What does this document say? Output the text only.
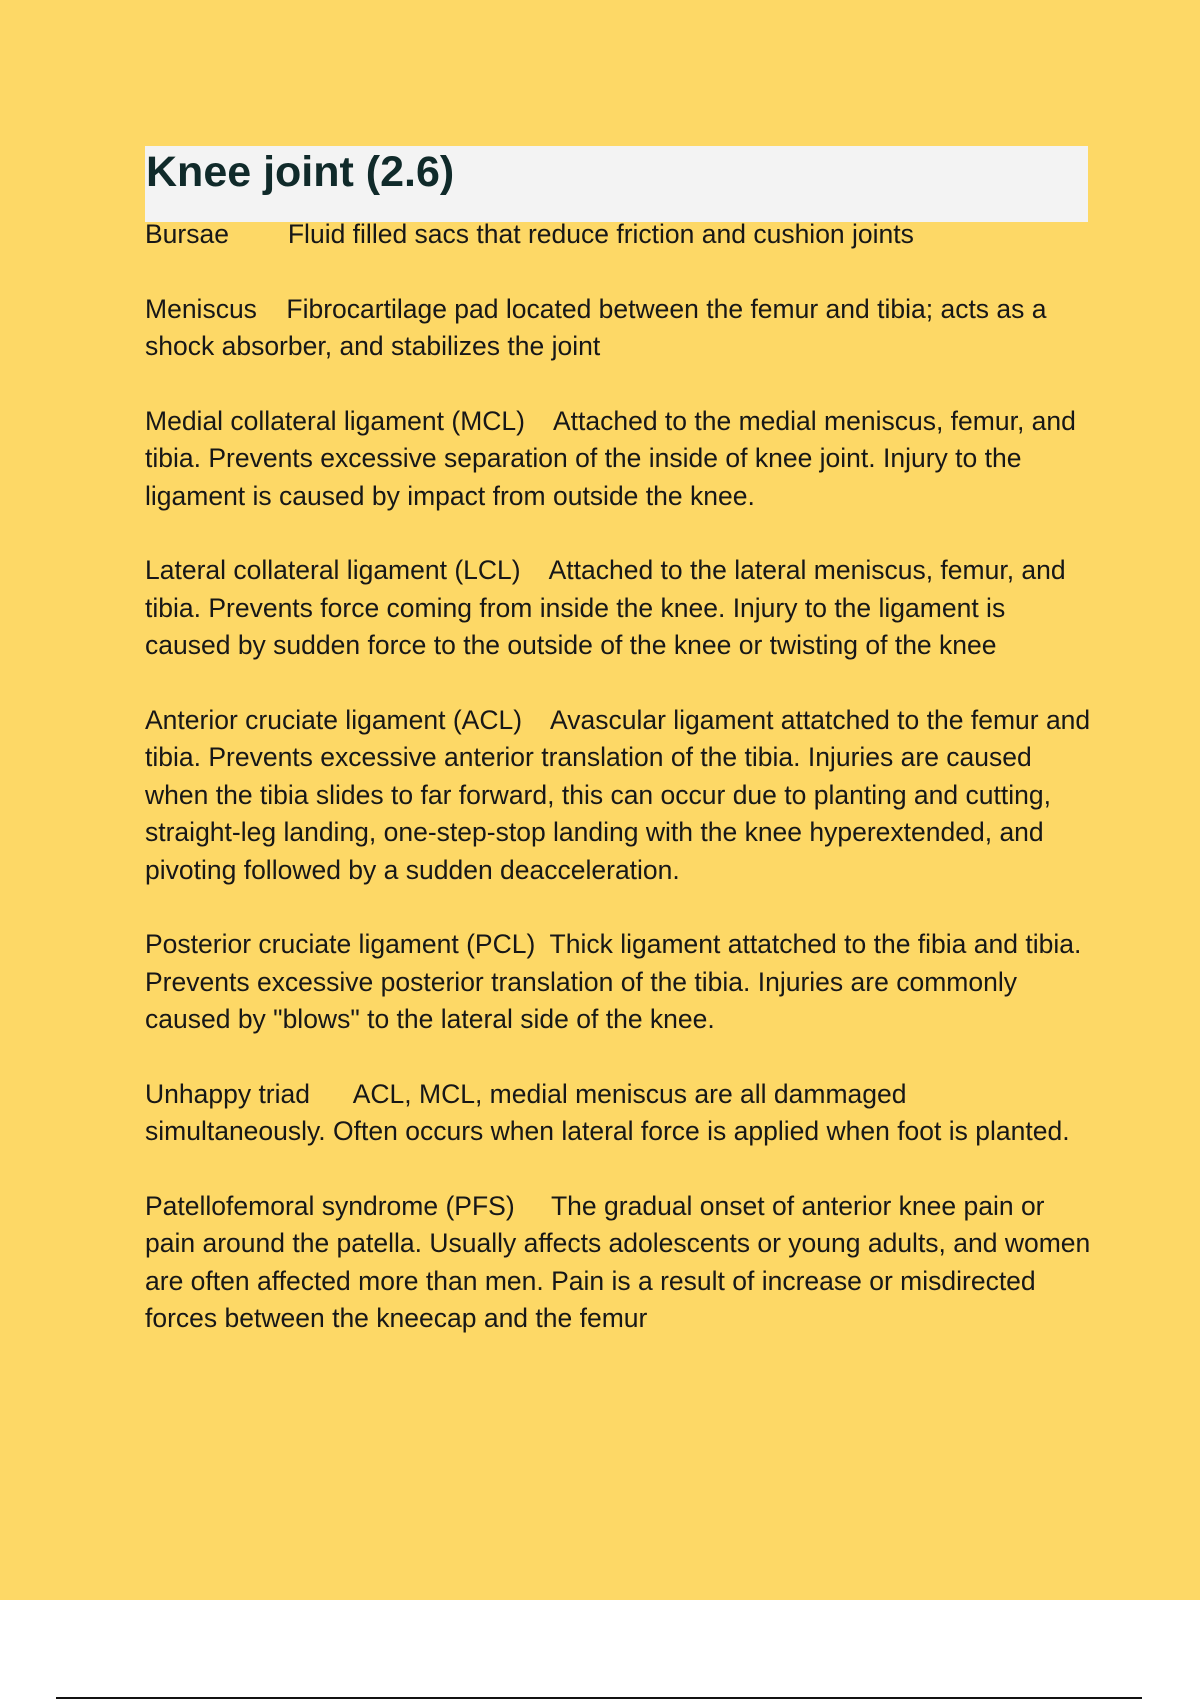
Knee joint (2.6)

Bursae Fluid filled sacs that reduce friction and cushion joints

Meniscus Fibrocartilage pad located between the femur and tibia; acts as a shock absorber, and stabilizes the joint

Medial collateral ligament (MCL) Attached to the medial meniscus, femur, and tibia. Prevents excessive separation of the inside of knee joint. Injury to the ligament is caused by impact from outside the knee.

Lateral collateral ligament (LCL) Attached to the lateral meniscus, femur, and tibia. Prevents force coming from inside the knee. Injury to the ligament is caused by sudden force to the outside of the knee or twisting of the knee

Anterior cruciate ligament (ACL) Avascular ligament attatched to the femur and tibia. Prevents excessive anterior translation of the tibia. Injuries are caused when the tibia slides to far forward, this can occur due to planting and cutting, straight-leg landing, one-step-stop landing with the knee hyperextended, and pivoting followed by a sudden deacceleration.

Posterior cruciate ligament (PCL) Thick ligament attatched to the fibia and tibia. Prevents excessive posterior translation of the tibia. Injuries are commonly caused by "blows" to the lateral side of the knee.

Unhappy triad ACL, MCL, medial meniscus are all dammaged simultaneously. Often occurs when lateral force is applied when foot is planted.

Patellofemoral syndrome (PFS) The gradual onset of anterior knee pain or pain around the patella. Usually affects adolescents or young adults, and women are often affected more than men. Pain is a result of increase or misdirected forces between the kneecap and the femur
